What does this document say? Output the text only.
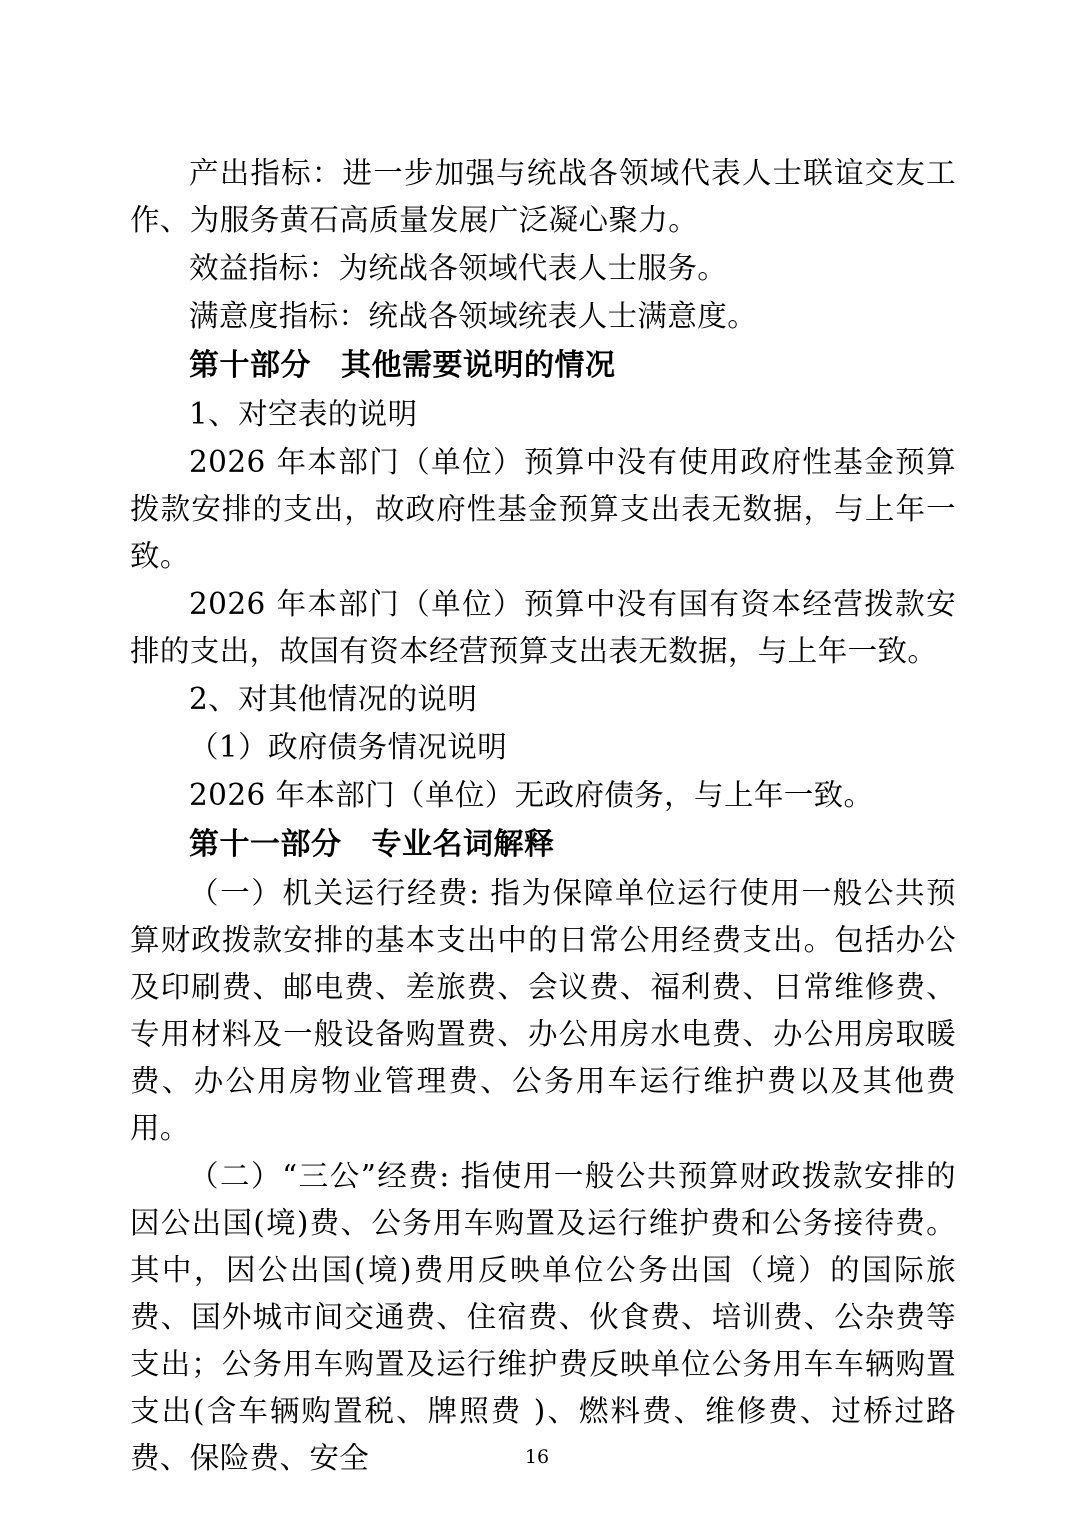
产出指标：进一步加强与统战各领域代表人士联谊交友工作、为服务黄石高质量发展广泛凝心聚力。

效益指标：为统战各领域代表人士服务。

满意度指标：统战各领域统表人士满意度。

第十部分 其他需要说明的情况

1、对空表的说明

2026 年本部门（单位）预算中没有使用政府性基金预算拨款安排的支出，故政府性基金预算支出表无数据，与上年一致。

2026 年本部门（单位）预算中没有国有资本经营拨款安排的支出，故国有资本经营预算支出表无数据，与上年一致。

2、对其他情况的说明

（1）政府债务情况说明

2026 年本部门（单位）无政府债务，与上年一致。

第十一部分 专业名词解释

（一）机关运行经费: 指为保障单位运行使用一般公共预算财政拨款安排的基本支出中的日常公用经费支出。包括办公及印刷费、邮电费、差旅费、会议费、福利费、日常维修费、专用材料及一般设备购置费、办公用房水电费、办公用房取暖费、办公用房物业管理费、公务用车运行维护费以及其他费用。

（二）“三公”经费: 指使用一般公共预算财政拨款安排的因公出国(境)费、公务用车购置及运行维护费和公务接待费。其中，因公出国(境)费用反映单位公务出国（境）的国际旅费、国外城市间交通费、住宿费、伙食费、培训费、公杂费等支出；公务用车购置及运行维护费反映单位公务用车车辆购置支出(含车辆购置税、牌照费 )、燃料费、维修费、过桥过路费、保险费、安全	16
